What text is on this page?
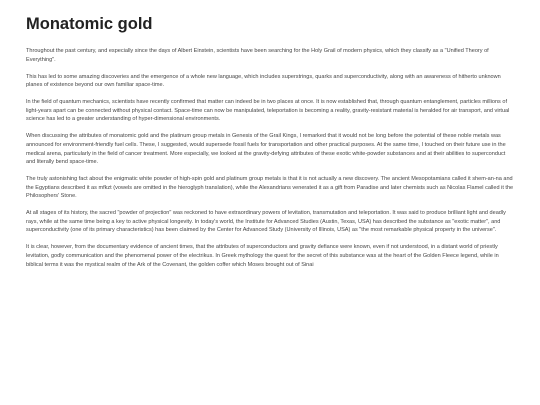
Monatomic gold

Throughout the past century, and especially since the days of Albert Einstein, scientists have been searching for the Holy Grail of modern physics, which they classify as a "Unified Theory of Everything".

This has led to some amazing discoveries and the emergence of a whole new language, which includes superstrings, quarks and superconductivity, along with an awareness of hitherto unknown planes of existence beyond our own familiar space-time.

In the field of quantum mechanics, scientists have recently confirmed that matter can indeed be in two places at once. It is now established that, through quantum entanglement, particles millions of light-years apart can be connected without physical contact. Space-time can now be manipulated, teleportation is becoming a reality, gravity-resistant material is heralded for air transport, and virtual science has led to a greater understanding of hyper-dimensional environments.

When discussing the attributes of monatomic gold and the platinum group metals in Genesis of the Grail Kings, I remarked that it would not be long before the potential of these noble metals was announced for environment-friendly fuel cells. These, I suggested, would supersede fossil fuels for transportation and other practical purposes. At the same time, I touched on their future use in the medical arena, particularly in the field of cancer treatment. More especially, we looked at the gravity-defying attributes of these exotic white-powder substances and at their abilities to superconduct and literally bend space-time.

The truly astonishing fact about the enigmatic white powder of high-spin gold and platinum group metals is that it is not actually a new discovery. The ancient Mesopotamians called it shem-an-na and the Egyptians described it as mfkzt (vowels are omitted in the hieroglyph translation), while the Alexandrians venerated it as a gift from Paradise and later chemists such as Nicolas Flamel called it the Philosophers' Stone.

At all stages of its history, the sacred "powder of projection" was reckoned to have extraordinary powers of levitation, transmutation and teleportation. It was said to produce brilliant light and deadly rays, while at the same time being a key to active physical longevity. In today's world, the Institute for Advanced Studies (Austin, Texas, USA) has described the substance as "exotic matter", and superconductivity (one of its primary characteristics) has been claimed by the Center for Advanced Study (University of Illinois, USA) as "the most remarkable physical property in the universe".

It is clear, however, from the documentary evidence of ancient times, that the attributes of superconductors and gravity defiance were known, even if not understood, in a distant world of priestly levitation, godly communication and the phenomenal power of the electrikus. In Greek mythology the quest for the secret of this substance was at the heart of the Golden Fleece legend, while in biblical terms it was the mystical realm of the Ark of the Covenant, the golden coffer which Moses brought out of Sinai
